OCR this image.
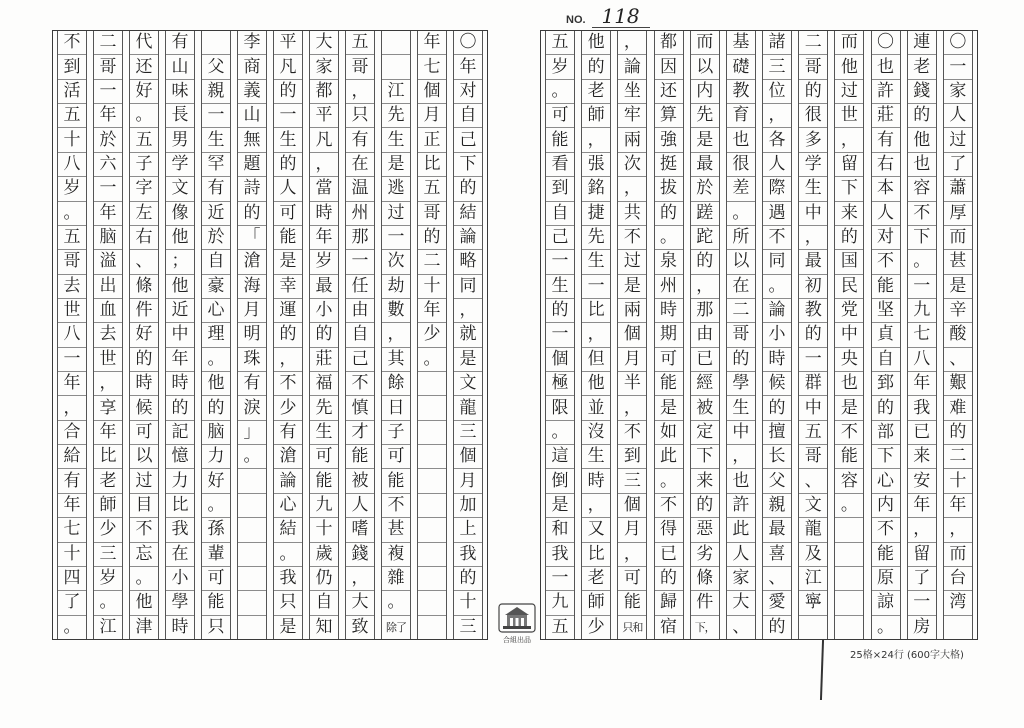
NO. 118
〇
年
对
自
己
下
的
結
論
略
同
，
就
是
文
龍
三
個
月
加
上
我
的
十
三
年
七
個
月
正
比
五
哥
的
二
十
年
少
。
江
先
生
是
逃
过
一
次
劫
數
，
其
餘
日
子
可
能
不
甚
複
雜
。
除了
五
哥
，
只
有
在
温
州
那
一
任
由
自
己
不
慎
才
能
被
人
嗜
錢
，
大
致
大
家
都
平
凡
，
當
時
年
岁
最
小
的
莊
福
先
生
可
能
九
十
歲
仍
自
知
平
凡
的
一
生
的
人
可
能
是
幸
運
的
，
不
少
有
滄
論
心
結
。
我
只
是
李
商
義
山
無
題
詩
的
「
滄
海
月
明
珠
有
淚
」
。
父
親
一
生
罕
有
近
於
自
豪
心
理
。
他
的
脑
力
好
。
孫
輩
可
能
只
有
山
味
長
男
学
文
像
他
；
他
近
中
年
時
的
記
憶
力
比
我
在
小
學
時
代
还
好
。
五
子
字
左
右
、
條
件
好
的
時
候
可
以
过
目
不
忘
。
他
津
二
哥
一
年
於
六
一
年
脑
溢
出
血
去
世
，
享
年
比
老
師
少
三
岁
。
江
不
到
活
五
十
八
岁
。
五
哥
去
世
八
一
年
，
合
給
有
年
七
十
四
了
。
〇
一
家
人
过
了
蕭
厚
而
甚
是
辛
酸
、
艱
难
的
二
十
年
，
而
台
湾
連
老
錢
的
他
也
容
不
下
。
一
九
七
八
年
我
已
来
安
年
，
留
了
一
房
〇
也
許
莊
有
右
本
人
对
不
能
坚
貞
自
郅
的
部
下
心
内
不
能
原
諒
。
而
他
过
世
，
留
下
来
的
国
民
党
中
央
也
是
不
能
容
。
二
哥
的
很
多
学
生
中
，
最
初
教
的
一
群
中
五
哥
、
文
龍
及
江
寧
諸
三
位
，
各
人
際
遇
不
同
。
論
小
時
候
的
擅
长
父
親
最
喜
、
愛
的
基
礎
教
育
也
很
差
。
所
以
在
二
哥
的
學
生
中
，
也
許
此
人
家
大
、
而
以
内
先
是
最
於
蹉
跎
的
，
那
由
已
經
被
定
下
来
的
惡
劣
條
件
下，
都
因
还
算
強
挺
拔
的
。
泉
州
時
期
可
能
是
如
此
。
不
得
已
的
歸
宿
，
論
坐
牢
兩
次
，
共
不
过
是
兩
個
月
半
，
不
到
三
個
月
，
可
能
只和
他
的
老
師
，
張
銘
捷
先
生
一
比
，
但
他
並
沒
生
時
，
又
比
老
師
少
五
岁
。
可
能
看
到
自
己
一
生
的
一
個
極
限
。
這
倒
是
和
我
一
九
五
合組出品
25格×24行 (600字大格)
